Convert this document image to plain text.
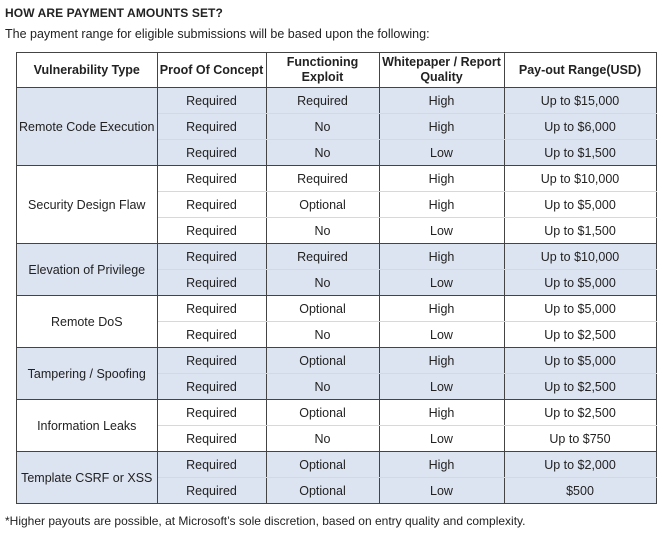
HOW ARE PAYMENT AMOUNTS SET?
The payment range for eligible submissions will be based upon the following:
Vulnerability Type	Proof Of Concept	Functioning Exploit	Whitepaper / Report Quality	Pay-out Range(USD)
Remote Code Execution	Required	Required	High	Up to $15,000
	Required	No	High	Up to $6,000
	Required	No	Low	Up to $1,500
Security Design Flaw	Required	Required	High	Up to $10,000
	Required	Optional	High	Up to $5,000
	Required	No	Low	Up to $1,500
Elevation of Privilege	Required	Required	High	Up to $10,000
	Required	No	Low	Up to $5,000
Remote DoS	Required	Optional	High	Up to $5,000
	Required	No	Low	Up to $2,500
Tampering / Spoofing	Required	Optional	High	Up to $5,000
	Required	No	Low	Up to $2,500
Information Leaks	Required	Optional	High	Up to $2,500
	Required	No	Low	Up to $750
Template CSRF or XSS	Required	Optional	High	Up to $2,000
	Required	Optional	Low	$500
*Higher payouts are possible, at Microsoft’s sole discretion, based on entry quality and complexity.
